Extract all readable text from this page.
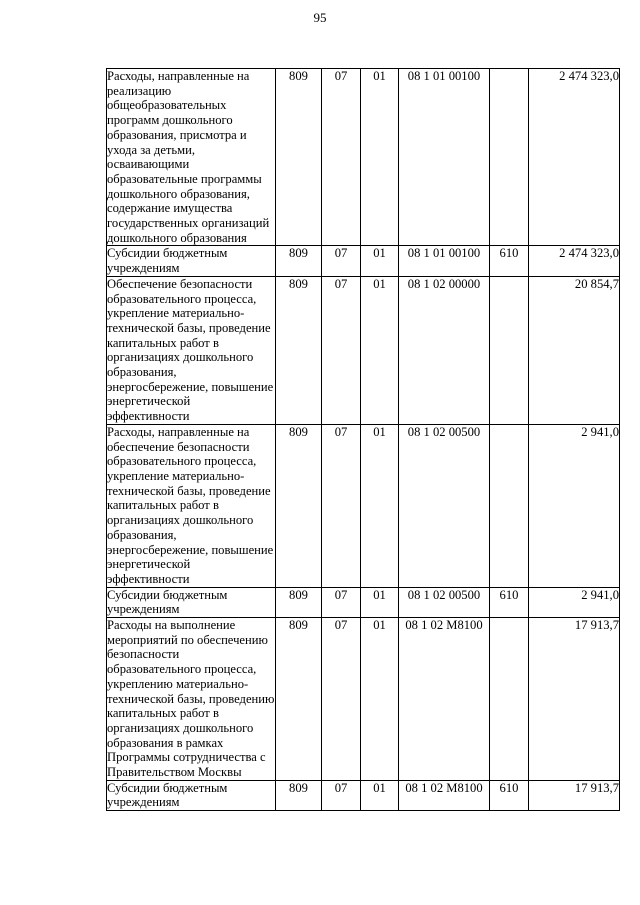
95
Расходы, направленные на реализацию общеобразовательных программ дошкольного образования, присмотра и ухода за детьми, осваивающими образовательные программы дошкольного образования, содержание имущества государственных организаций дошкольного образования	809	07	01	08 1 01 00100		2 474 323,0

Субсидии бюджетным учреждениям	809	07	01	08 1 01 00100	610	2 474 323,0

Обеспечение безопасности образовательного процесса, укрепление материально-технической базы, проведение капитальных работ в организациях дошкольного образования, энергосбережение, повышение энергетической эффективности	809	07	01	08 1 02 00000		20 854,7

Расходы, направленные на обеспечение безопасности образовательного процесса, укрепление материально-технической базы, проведение капитальных работ в организациях дошкольного образования, энергосбережение, повышение энергетической эффективности	809	07	01	08 1 02 00500		2 941,0

Субсидии бюджетным учреждениям	809	07	01	08 1 02 00500	610	2 941,0

Расходы на выполнение мероприятий по обеспечению безопасности образовательного процесса, укреплению материально-технической базы, проведению капитальных работ в организациях дошкольного образования в рамках Программы сотрудничества с Правительством Москвы	809	07	01	08 1 02 М8100		17 913,7

Субсидии бюджетным учреждениям	809	07	01	08 1 02 М8100	610	17 913,7
